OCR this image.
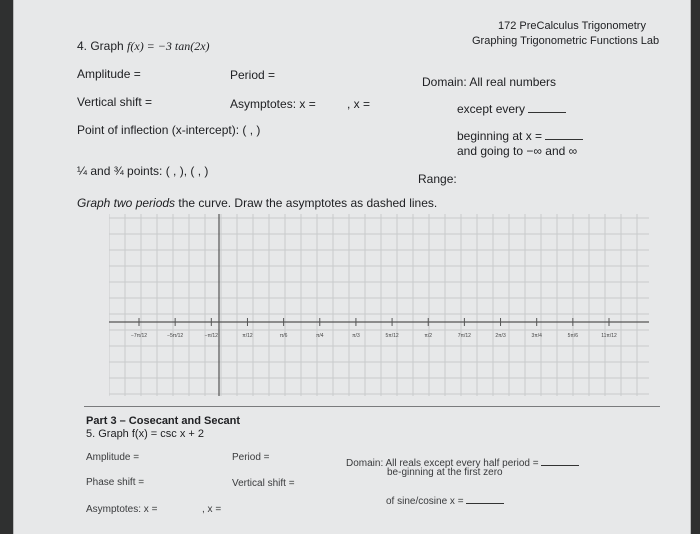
172 PreCalculus Trigonometry
Graphing Trigonometric Functions Lab
4. Graph f(x) = −3 tan(2x)
Amplitude =	Period =	Domain: All real numbers
Vertical shift =	Asymptotes: x =	, x =	except every
Point of inflection (x-intercept): ( , )	beginning at x =
and going to −∞ and ∞
¼ and ¾ points: ( , ), ( , )
Range:
Graph two periods the curve. Draw the asymptotes as dashed lines.
−7π/12	−5π/12	−π/12	π/12	π/6	π/4	π/3	5π/12	π/2	7π/12	2π/3	3π/4	5π/6	11π/12
Part 3 – Cosecant and Secant
5. Graph f(x) = csc x + 2
Amplitude =	Period =
Domain: All reals except every half period =
be-ginning at the first zero
Phase shift =	Vertical shift =
of sine/cosine x =
Asymptotes: x =	, x =
